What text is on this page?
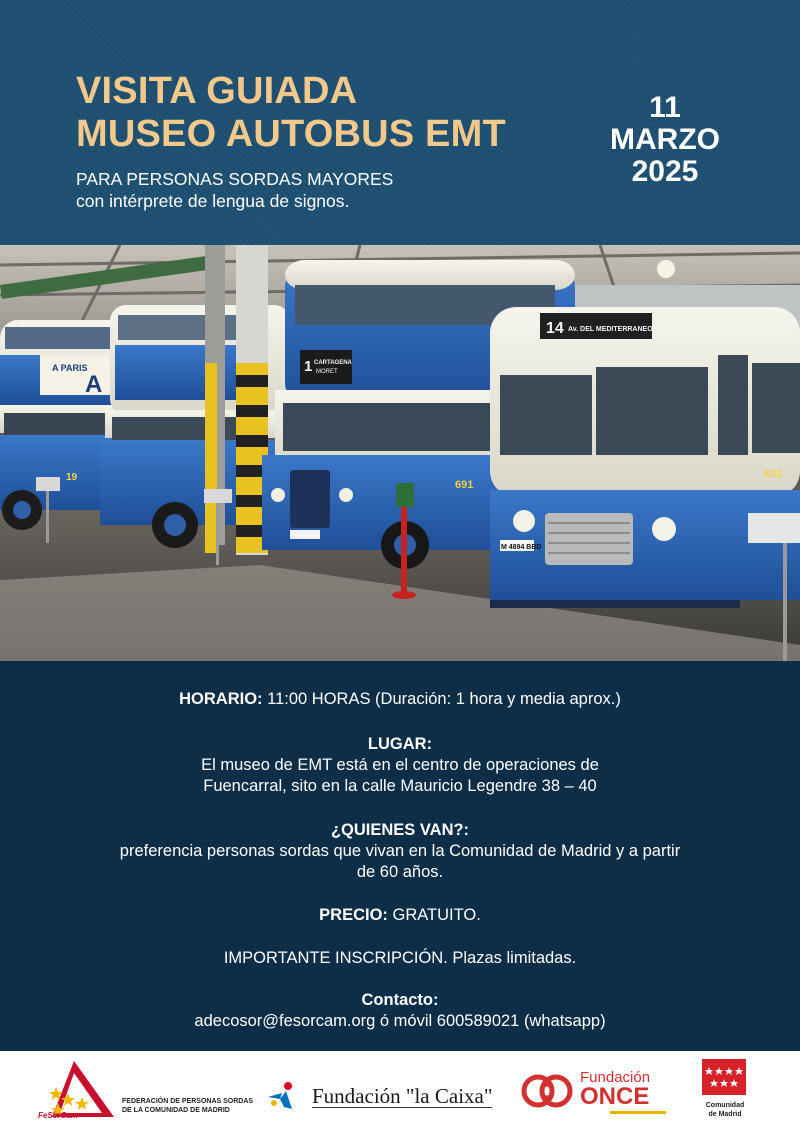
VISITA GUIADA
MUSEO AUTOBUS EMT
PARA PERSONAS SORDAS MAYORES
con intérprete de lengua de signos.
11
MARZO
2025
A PARIS
A
19
1 CARTAGENA
MORET
691
14 Av. DEL MEDITERRANEO
M 4894 BBD
622
HORARIO: 11:00 HORAS (Duración: 1 hora y media aprox.)
LUGAR:
El museo de EMT está en el centro de operaciones de
Fuencarral, sito en la calle Mauricio Legendre 38 – 40
¿QUIENES VAN?:
preferencia personas sordas que vivan en la Comunidad de Madrid y a partir
de 60 años.
PRECIO: GRATUITO.
IMPORTANTE INSCRIPCIÓN. Plazas limitadas.
Contacto:
adecosor@fesorcam.org ó móvil 600589021 (whatsapp)
FeSorCam
FEDERACIÓN DE PERSONAS SORDAS
DE LA COMUNIDAD DE MADRID
Fundación "la Caixa"
Fundación
ONCE	Comunidad
de Madrid
